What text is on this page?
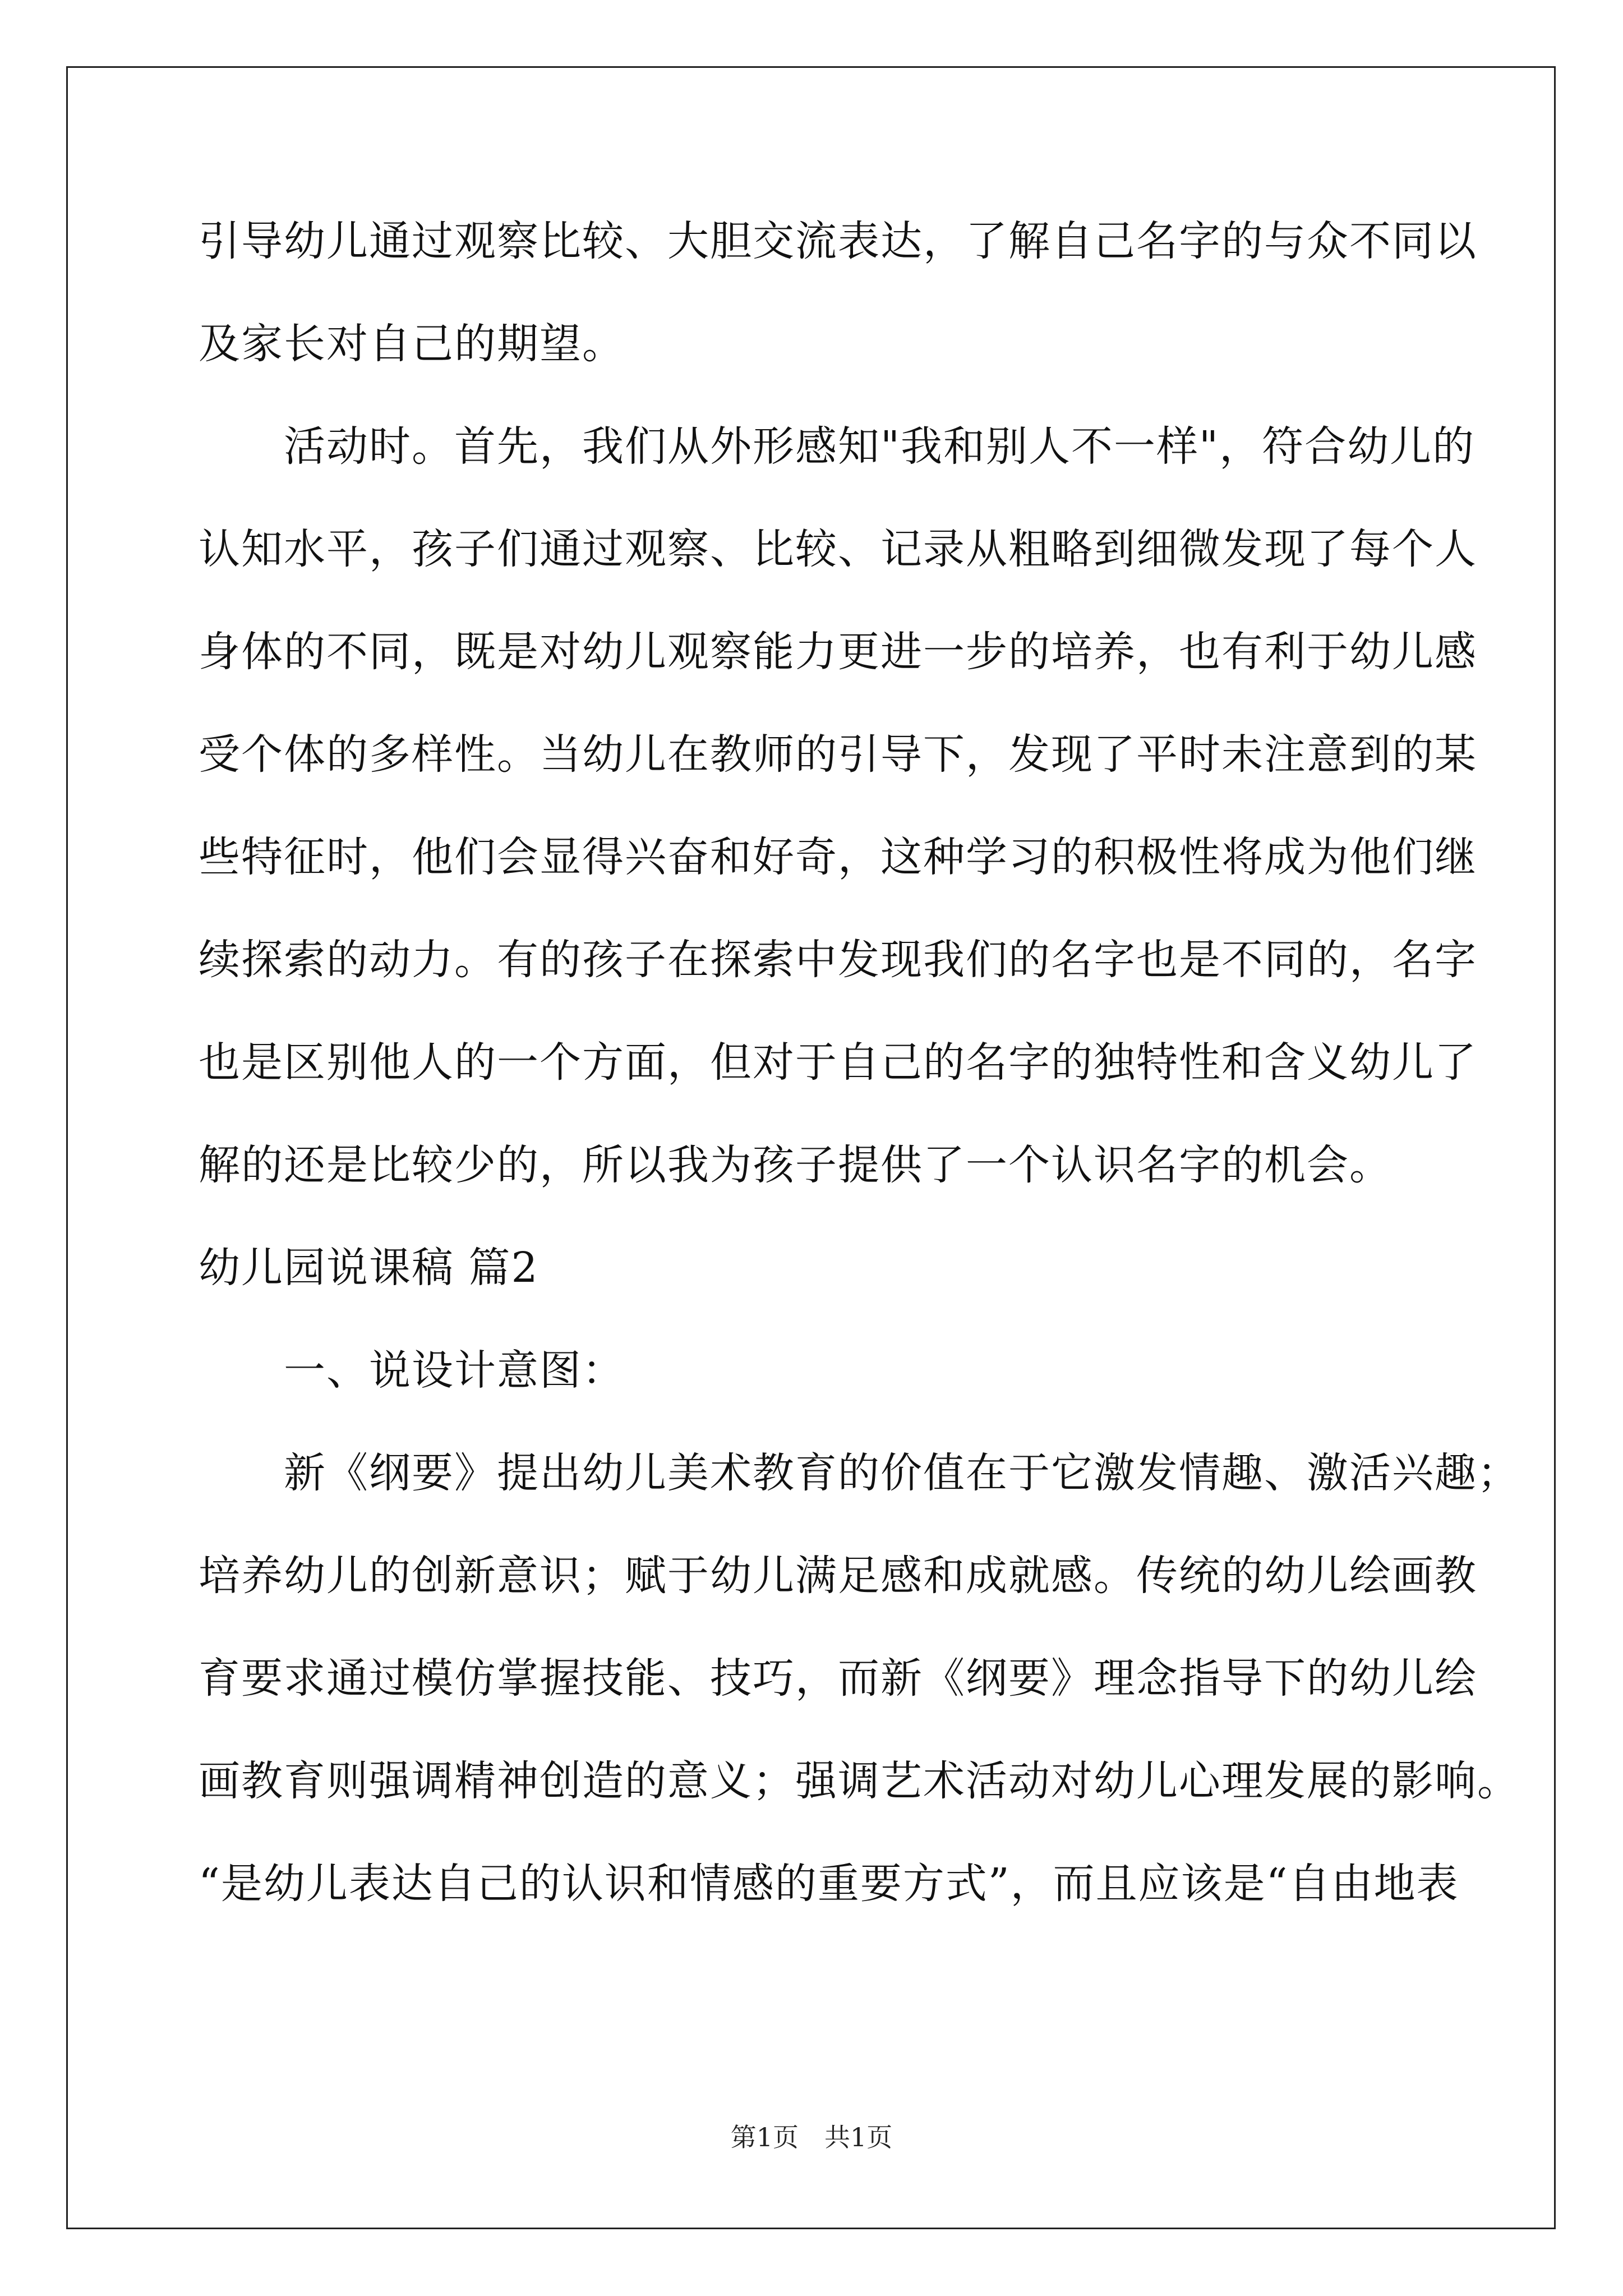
引导幼儿通过观察比较、大胆交流表达，了解自己名字的与众不同以
及家长对自己的期望。
　　活动时。首先，我们从外形感知"我和别人不一样"，符合幼儿的
认知水平，孩子们通过观察、比较、记录从粗略到细微发现了每个人
身体的不同，既是对幼儿观察能力更进一步的培养，也有利于幼儿感
受个体的多样性。当幼儿在教师的引导下，发现了平时未注意到的某
些特征时，他们会显得兴奋和好奇，这种学习的积极性将成为他们继
续探索的动力。有的孩子在探索中发现我们的名字也是不同的，名字
也是区别他人的一个方面，但对于自己的名字的独特性和含义幼儿了
解的还是比较少的，所以我为孩子提供了一个认识名字的机会。
幼儿园说课稿 篇2
　　一、说设计意图：
　　新《纲要》提出幼儿美术教育的价值在于它激发情趣、激活兴趣；
培养幼儿的创新意识；赋于幼儿满足感和成就感。传统的幼儿绘画教
育要求通过模仿掌握技能、技巧，而新《纲要》理念指导下的幼儿绘
画教育则强调精神创造的意义；强调艺术活动对幼儿心理发展的影响。
“是幼儿表达自己的认识和情感的重要方式”，而且应该是“自由地表
第1页　共1页
